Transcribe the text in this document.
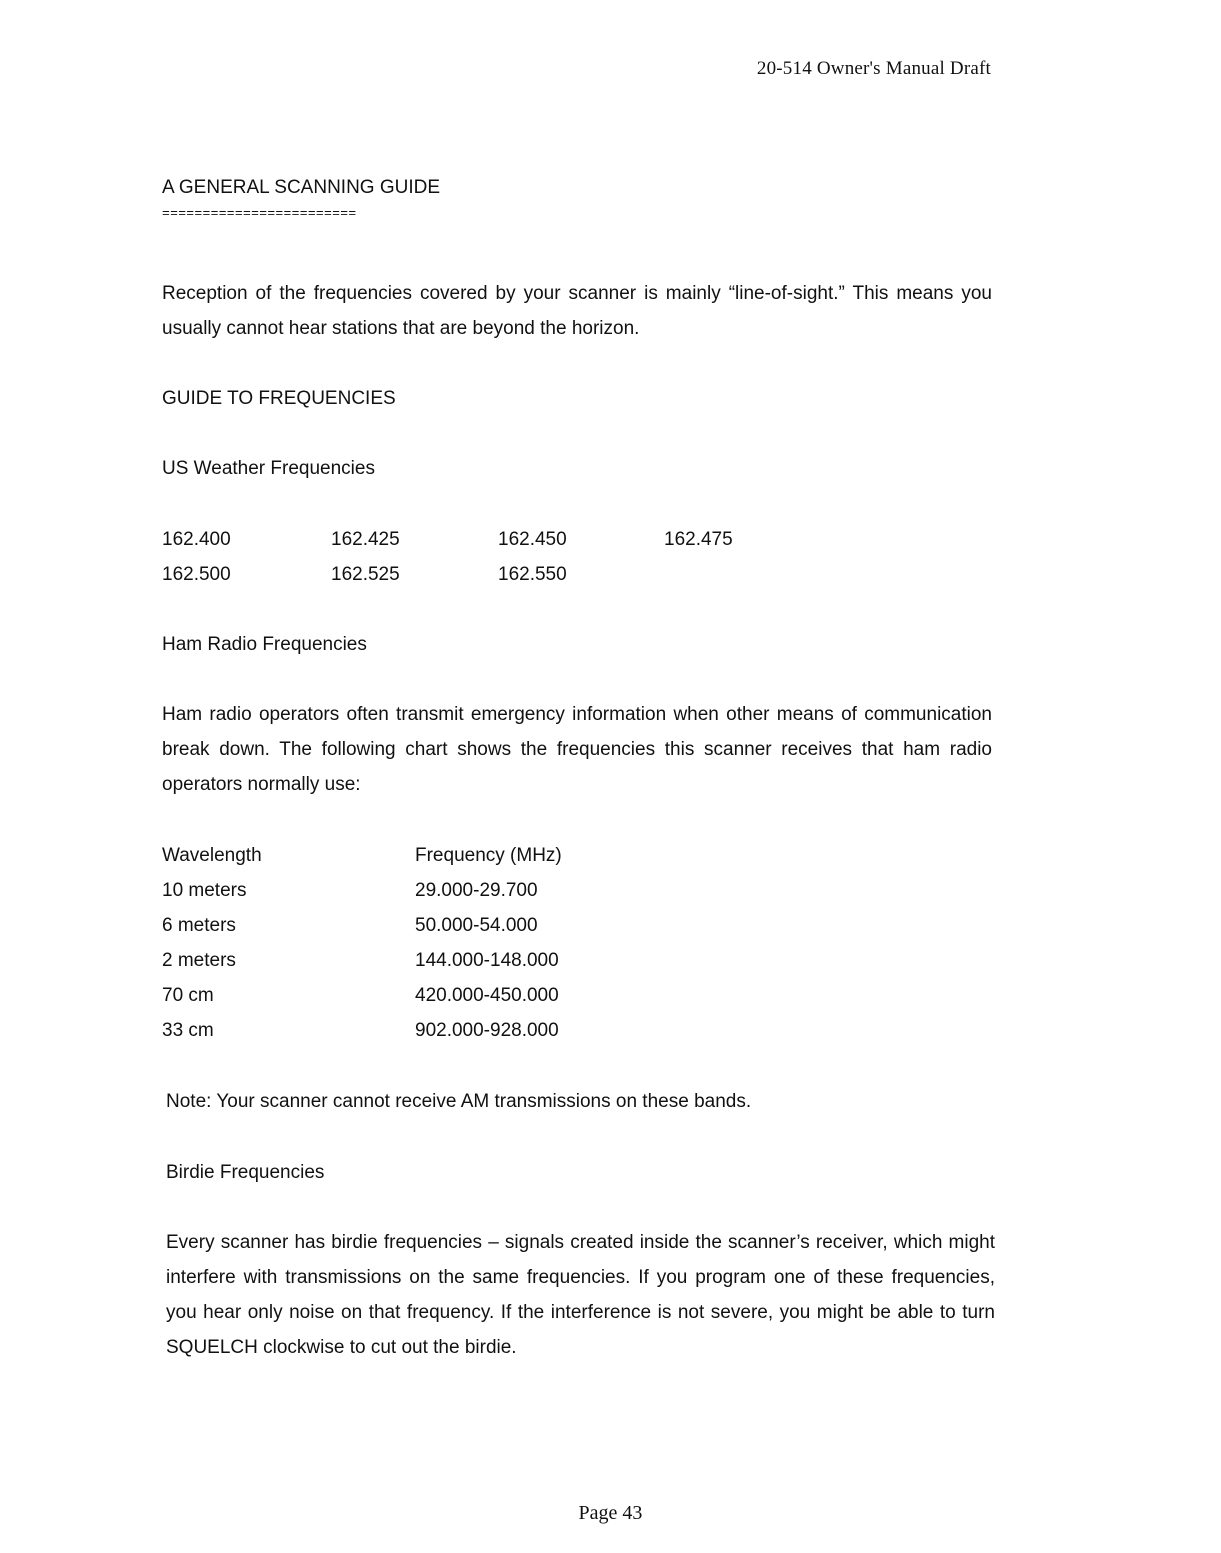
20-514 Owner's Manual Draft
A GENERAL SCANNING GUIDE
========================

Reception of the frequencies covered by your scanner is mainly “line-of-sight.” This means you usually cannot hear stations that are beyond the horizon.

GUIDE TO FREQUENCIES
US Weather Frequencies
162.400	162.425	162.450	162.475
162.500	162.525	162.550
Ham Radio Frequencies

Ham radio operators often transmit emergency information when other means of communication break down. The following chart shows the frequencies this scanner receives that ham radio operators normally use:

Wavelength	Frequency (MHz)
10 meters	29.000-29.700
6 meters	50.000-54.000
2 meters	144.000-148.000
70 cm	420.000-450.000
33 cm	902.000-928.000
Note: Your scanner cannot receive AM transmissions on these bands.
Birdie Frequencies

Every scanner has birdie frequencies – signals created inside the scanner’s receiver, which might interfere with transmissions on the same frequencies. If you program one of these frequencies, you hear only noise on that frequency. If the interference is not severe, you might be able to turn SQUELCH clockwise to cut out the birdie.

Page 43
